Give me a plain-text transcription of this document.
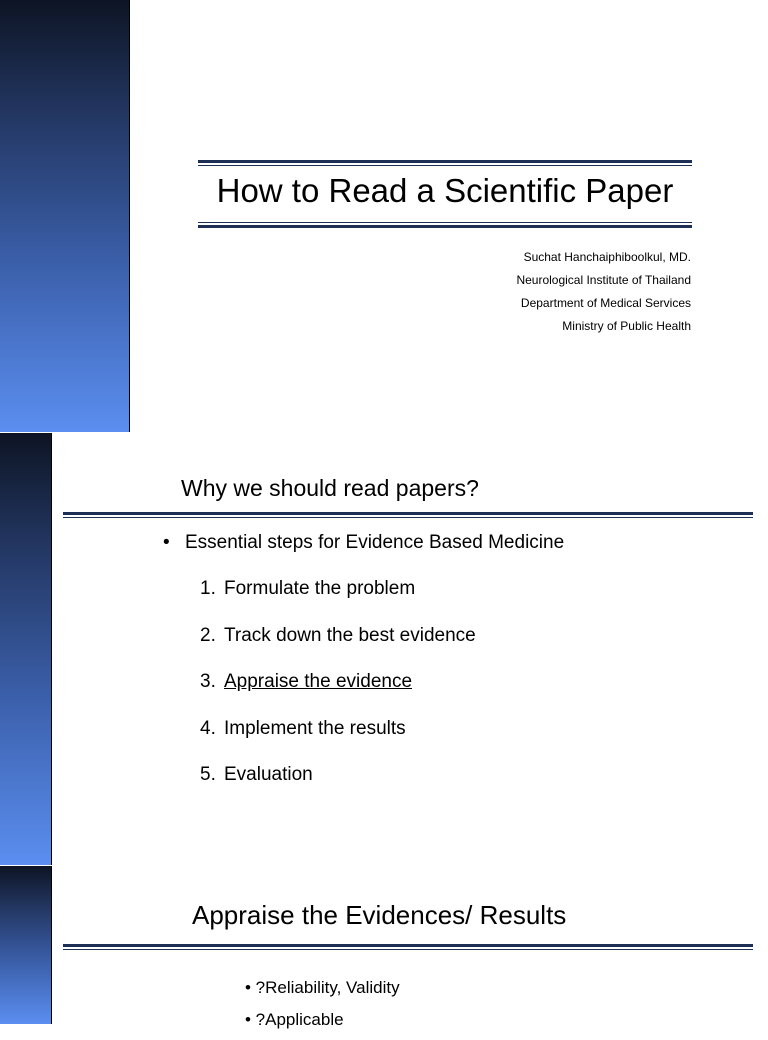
How to Read a Scientific Paper
Suchat Hanchaiphiboolkul, MD.
Neurological Institute of Thailand
Department of Medical Services
Ministry of Public Health
Why we should read papers?
• Essential steps for Evidence Based Medicine
1. Formulate the problem
2. Track down the best evidence
3. Appraise the evidence
4. Implement the results
5. Evaluation
Appraise the Evidences/ Results
• ?Reliability, Validity
• ?Applicable
